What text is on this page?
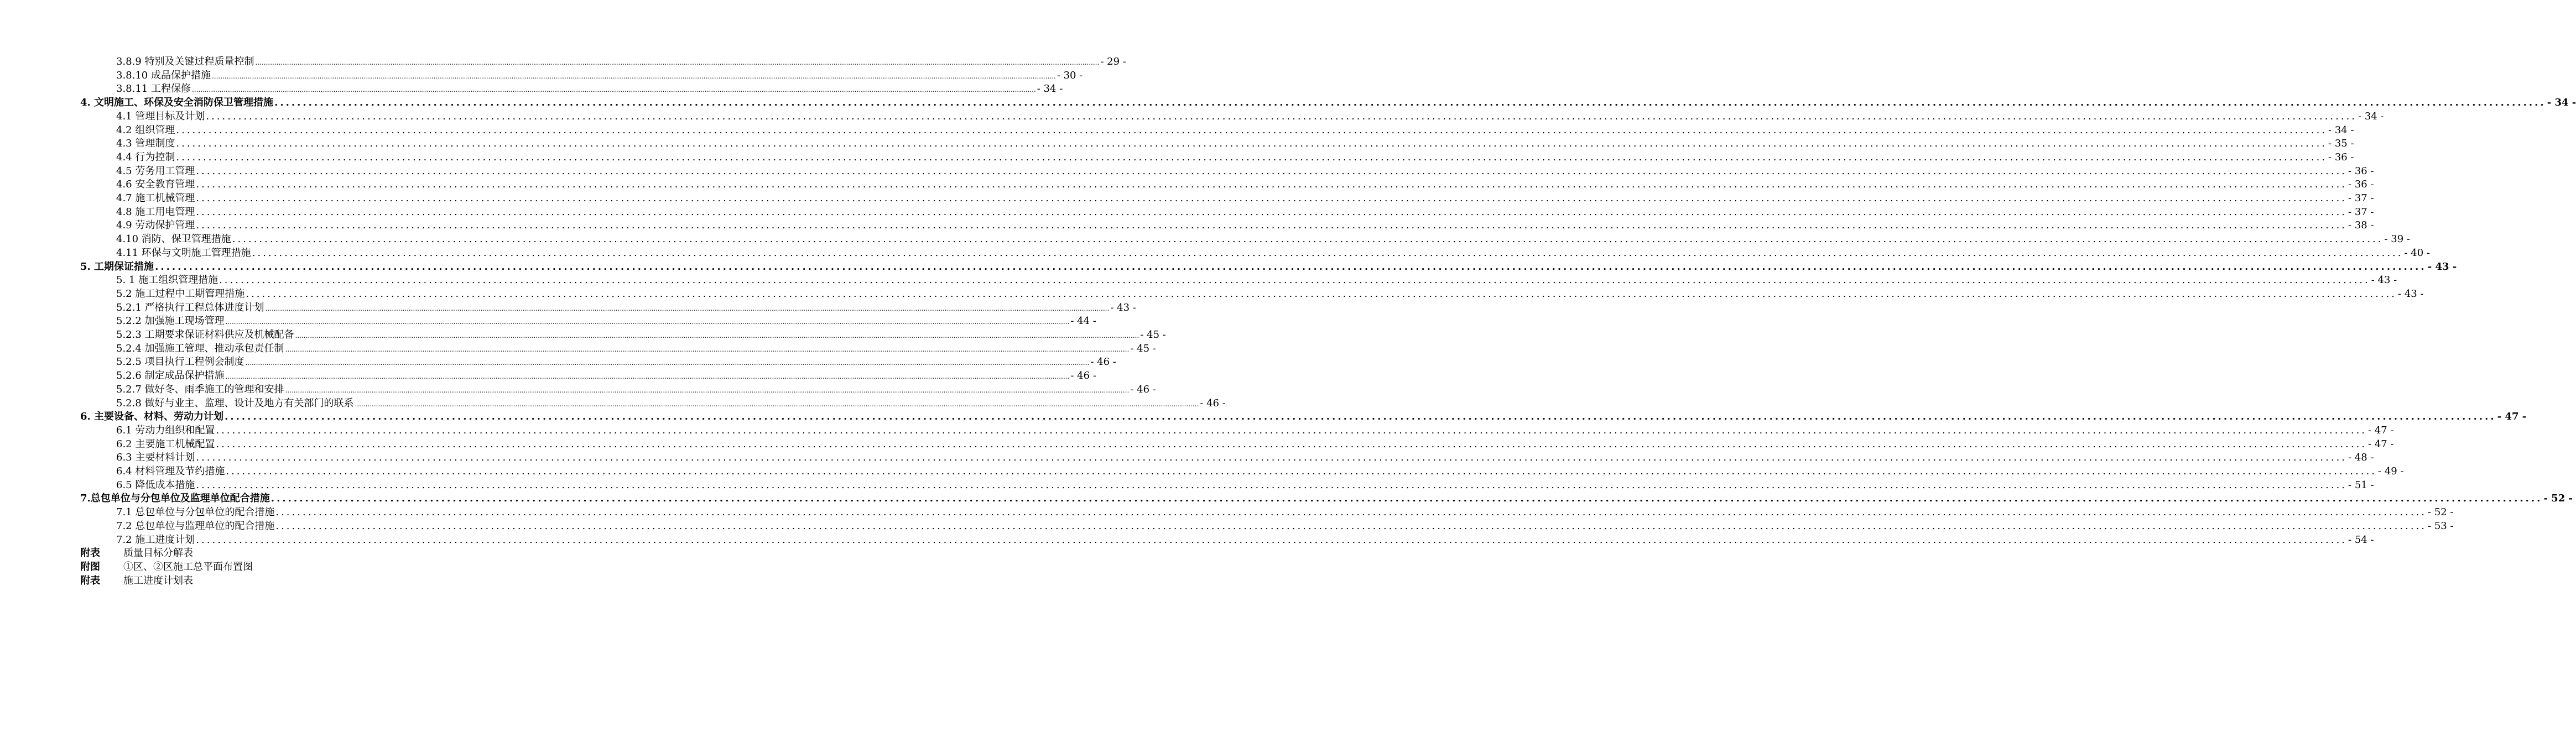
3.8.9 特别及关键过程质量控制 ................................................................................................................................................................................................................................................................................................................................................................................................................ - 29 -
3.8.10 成品保护措施 ................................................................................................................................................................................................................................................................................................................................................................................................................ - 30 -
3.8.11 工程保修 ................................................................................................................................................................................................................................................................................................................................................................................................................ - 34 -
4. 文明施工、环保及安全消防保卫管理措施 ................................................................................................................................................................................................................................................................................................................................................................................................................ - 34 -
4.1 管理目标及计划 ................................................................................................................................................................................................................................................................................................................................................................................................................ - 34 -
4.2 组织管理 ................................................................................................................................................................................................................................................................................................................................................................................................................ - 34 -
4.3 管理制度 ................................................................................................................................................................................................................................................................................................................................................................................................................ - 35 -
4.4 行为控制 ................................................................................................................................................................................................................................................................................................................................................................................................................ - 36 -
4.5 劳务用工管理 ................................................................................................................................................................................................................................................................................................................................................................................................................ - 36 -
4.6 安全教育管理 ................................................................................................................................................................................................................................................................................................................................................................................................................ - 36 -
4.7 施工机械管理 ................................................................................................................................................................................................................................................................................................................................................................................................................ - 37 -
4.8 施工用电管理 ................................................................................................................................................................................................................................................................................................................................................................................................................ - 37 -
4.9 劳动保护管理 ................................................................................................................................................................................................................................................................................................................................................................................................................ - 38 -
4.10 消防、保卫管理措施 ................................................................................................................................................................................................................................................................................................................................................................................................................ - 39 -
4.11 环保与文明施工管理措施 ................................................................................................................................................................................................................................................................................................................................................................................................................ - 40 -
5. 工期保证措施 ................................................................................................................................................................................................................................................................................................................................................................................................................ - 43 -
5. 1 施工组织管理措施 ................................................................................................................................................................................................................................................................................................................................................................................................................ - 43 -
5.2 施工过程中工期管理措施 ................................................................................................................................................................................................................................................................................................................................................................................................................ - 43 -
5.2.1 严格执行工程总体进度计划 ................................................................................................................................................................................................................................................................................................................................................................................................................ - 43 -
5.2.2 加强施工现场管理 ................................................................................................................................................................................................................................................................................................................................................................................................................ - 44 -
5.2.3 工期要求保证材料供应及机械配备 ................................................................................................................................................................................................................................................................................................................................................................................................................ - 45 -
5.2.4 加强施工管理、推动承包责任制 ................................................................................................................................................................................................................................................................................................................................................................................................................ - 45 -
5.2.5 项目执行工程例会制度 ................................................................................................................................................................................................................................................................................................................................................................................................................ - 46 -
5.2.6 制定成品保护措施 ................................................................................................................................................................................................................................................................................................................................................................................................................ - 46 -
5.2.7 做好冬、雨季施工的管理和安排 ................................................................................................................................................................................................................................................................................................................................................................................................................ - 46 -
5.2.8 做好与业主、监理、设计及地方有关部门的联系 ................................................................................................................................................................................................................................................................................................................................................................................................................ - 46 -
6. 主要设备、材料、劳动力计划 ................................................................................................................................................................................................................................................................................................................................................................................................................ - 47 -
6.1 劳动力组织和配置 ................................................................................................................................................................................................................................................................................................................................................................................................................ - 47 -
6.2 主要施工机械配置 ................................................................................................................................................................................................................................................................................................................................................................................................................ - 47 -
6.3 主要材料计划 ................................................................................................................................................................................................................................................................................................................................................................................................................ - 48 -
6.4 材料管理及节约措施 ................................................................................................................................................................................................................................................................................................................................................................................................................ - 49 -
6.5 降低成本措施 ................................................................................................................................................................................................................................................................................................................................................................................................................ - 51 -
7.总包单位与分包单位及监理单位配合措施 ................................................................................................................................................................................................................................................................................................................................................................................................................ - 52 -
7.1 总包单位与分包单位的配合措施 ................................................................................................................................................................................................................................................................................................................................................................................................................ - 52 -
7.2 总包单位与监理单位的配合措施 ................................................................................................................................................................................................................................................................................................................................................................................................................ - 53 -
7.2 施工进度计划 ................................................................................................................................................................................................................................................................................................................................................................................................................ - 54 -
附表 质量目标分解表
附图 ①区、②区施工总平面布置图
附表 施工进度计划表
